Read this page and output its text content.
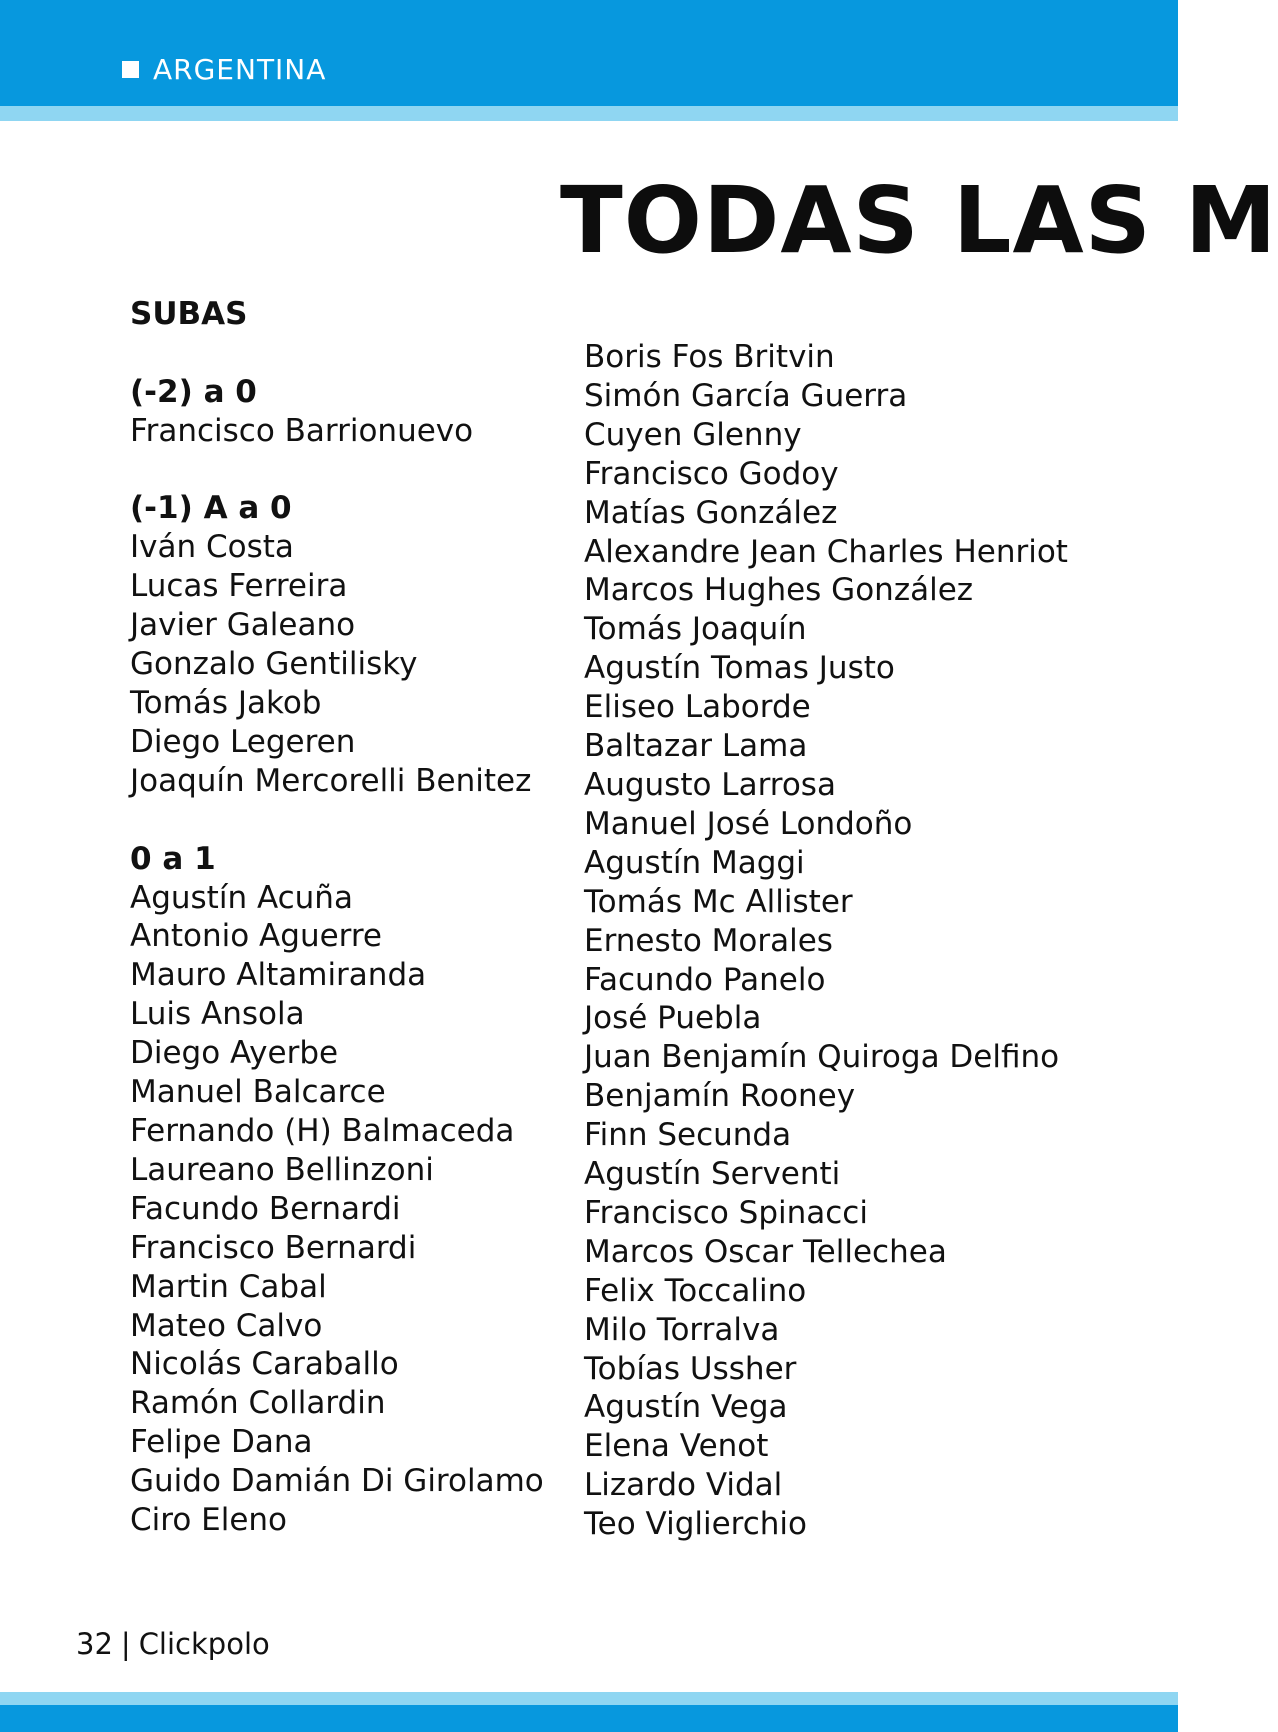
ARGENTINA
TODAS LAS M
SUBAS
(-2) a 0
Francisco Barrionuevo
(-1) A a 0
Iván Costa
Lucas Ferreira
Javier Galeano
Gonzalo Gentilisky
Tomás Jakob
Diego Legeren
Joaquín Mercorelli Benitez
0 a 1
Agustín Acuña
Antonio Aguerre
Mauro Altamiranda
Luis Ansola
Diego Ayerbe
Manuel Balcarce
Fernando (H) Balmaceda
Laureano Bellinzoni
Facundo Bernardi
Francisco Bernardi
Martin Cabal
Mateo Calvo
Nicolás Caraballo
Ramón Collardin
Felipe Dana
Guido Damián Di Girolamo
Ciro Eleno
Boris Fos Britvin
Simón García Guerra
Cuyen Glenny
Francisco Godoy
Matías González
Alexandre Jean Charles Henriot
Marcos Hughes González
Tomás Joaquín
Agustín Tomas Justo
Eliseo Laborde
Baltazar Lama
Augusto Larrosa
Manuel José Londoño
Agustín Maggi
Tomás Mc Allister
Ernesto Morales
Facundo Panelo
José Puebla
Juan Benjamín Quiroga Delfino
Benjamín Rooney
Finn Secunda
Agustín Serventi
Francisco Spinacci
Marcos Oscar Tellechea
Felix Toccalino
Milo Torralva
Tobías Ussher
Agustín Vega
Elena Venot
Lizardo Vidal
Teo Viglierchio
32 | Clickpolo
